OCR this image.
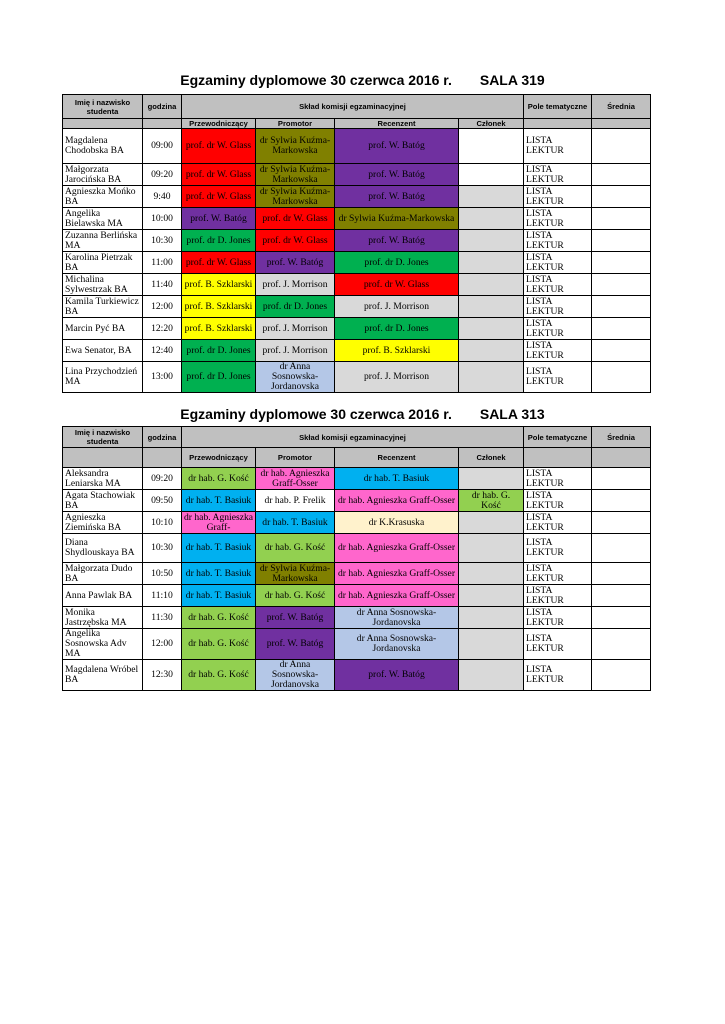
Egzaminy dyplomowe 30 czerwca 2016 r. SALA 319
Imię i nazwisko studenta	godzina	Skład komisji egzaminacyjnej				Pole tematyczne	Średnia
		Przewodniczący	Promotor	Recenzent	Członek		
Magdalena Chodobska BA	09:00	prof. dr W. Glass	dr Sylwia Kuźma-Markowska	prof. W. Batóg		LISTA LEKTUR	
Małgorzata Jarocińska BA	09:20	prof. dr W. Glass	dr Sylwia Kuźma-Markowska	prof. W. Batóg		LISTA LEKTUR	
Agnieszka Mońko BA	9:40	prof. dr W. Glass	dr Sylwia Kuźma-Markowska	prof. W. Batóg		LISTA LEKTUR	
Angelika Bielawska MA	10:00	prof. W. Batóg	prof. dr W. Glass	dr Sylwia Kuźma-Markowska		LISTA LEKTUR	
Zuzanna Berlińska MA	10:30	prof. dr D. Jones	prof. dr W. Glass	prof. W. Batóg		LISTA LEKTUR	
Karolina Pietrzak BA	11:00	prof. dr W. Glass	prof. W. Batóg	prof. dr D. Jones		LISTA LEKTUR	
Michalina Sylwestrzak BA	11:40	prof. B. Szklarski	prof. J. Morrison	prof. dr W. Glass		LISTA LEKTUR	
Kamila Turkiewicz BA	12:00	prof. B. Szklarski	prof. dr D. Jones	prof. J. Morrison		LISTA LEKTUR	
Marcin Pyć BA	12:20	prof. B. Szklarski	prof. J. Morrison	prof. dr D. Jones		LISTA LEKTUR	
Ewa Senator, BA	12:40	prof. dr D. Jones	prof. J. Morrison	prof. B. Szklarski		LISTA LEKTUR	
Lina Przychodzień MA	13:00	prof. dr D. Jones	dr Anna Sosnowska-Jordanovska	prof. J. Morrison		LISTA LEKTUR	
Egzaminy dyplomowe 30 czerwca 2016 r. SALA 313
Imię i nazwisko studenta	godzina	Skład komisji egzaminacyjnej				Pole tematyczne	Średnia
		Przewodniczący	Promotor	Recenzent	Członek		
Aleksandra Leniarska MA	09:20	dr hab. G. Kość	dr hab. Agnieszka Graff-Osser	dr hab. T. Basiuk		LISTA LEKTUR	
Agata Stachowiak BA	09:50	dr hab. T. Basiuk	dr hab. P. Frelik	dr hab. Agnieszka Graff-Osser	dr hab. G. Kość	LISTA LEKTUR	
Agnieszka Ziemińska BA	10:10	dr hab. Agnieszka Graff-	dr hab. T. Basiuk	dr K.Krasuska		LISTA LEKTUR	
Diana Shydlouskaya BA	10:30	dr hab. T. Basiuk	dr hab. G. Kość	dr hab. Agnieszka Graff-Osser		LISTA LEKTUR	
Małgorzata Dudo BA	10:50	dr hab. T. Basiuk	dr Sylwia Kuźma-Markowska	dr hab. Agnieszka Graff-Osser		LISTA LEKTUR	
Anna Pawlak BA	11:10	dr hab. T. Basiuk	dr hab. G. Kość	dr hab. Agnieszka Graff-Osser		LISTA LEKTUR	
Monika Jastrzębska MA	11:30	dr hab. G. Kość	prof. W. Batóg	dr Anna Sosnowska-Jordanovska		LISTA LEKTUR	
Angelika Sosnowska Adv MA	12:00	dr hab. G. Kość	prof. W. Batóg	dr Anna Sosnowska-Jordanovska		LISTA LEKTUR	
Magdalena Wróbel BA	12:30	dr hab. G. Kość	dr Anna Sosnowska-Jordanovska	prof. W. Batóg		LISTA LEKTUR	
